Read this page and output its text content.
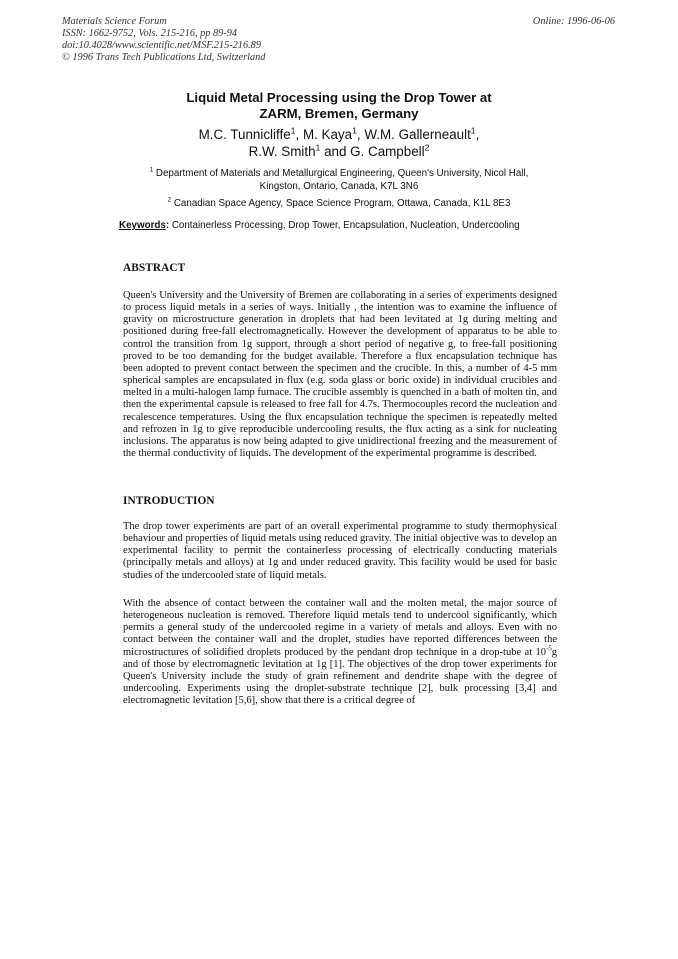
Materials Science Forum
ISSN: 1662-9752, Vols. 215-216, pp 89-94
doi:10.4028/www.scientific.net/MSF.215-216.89
© 1996 Trans Tech Publications Ltd, Switzerland
Online: 1996-06-06
Liquid Metal Processing using the Drop Tower at
ZARM, Bremen, Germany
M.C. Tunnicliffe$^1$, M. Kaya$^1$, W.M. Gallerneault$^1$,
R.W. Smith$^1$ and G. Campbell$^2$
$^1$ Department of Materials and Metallurgical Engineering, Queen's University, Nicol Hall,
Kingston, Ontario, Canada, K7L 3N6
$^2$ Canadian Space Agency, Space Science Program, Ottawa, Canada, K1L 8E3
Keywords: Containerless Processing, Drop Tower, Encapsulation, Nucleation, Undercooling
ABSTRACT
Queen's University and the University of Bremen are collaborating in a series of experiments designed to process liquid metals in a series of ways. Initially , the intention was to examine the influence of gravity on microstructure generation in droplets that had been levitated at 1g during melting and positioned during free-fall electromagnetically. However the development of apparatus to be able to control the transition from 1g support, through a short period of negative g, to free-fall positioning proved to be too demanding for the budget available. Therefore a flux encapsulation technique has been adopted to prevent contact between the specimen and the crucible. In this, a number of 4-5 mm spherical samples are encapsulated in flux (e.g. soda glass or boric oxide) in individual crucibles and melted in a multi-halogen lamp furnace. The crucible assembly is quenched in a bath of molten tin, and then the experimental capsule is released to free fall for 4.7s. Thermocouples record the nucleation and recalescence temperatures. Using the flux encapsulation technique the specimen is repeatedly melted and refrozen in 1g to give reproducible undercooling results, the flux acting as a sink for nucleating inclusions. The apparatus is now being adapted to give unidirectional freezing and the measurement of the thermal conductivity of liquids. The development of the experimental programme is described.
INTRODUCTION
The drop tower experiments are part of an overall experimental programme to study thermophysical behaviour and properties of liquid metals using reduced gravity. The initial objective was to develop an experimental facility to permit the containerless processing of electrically conducting materials (principally metals and alloys) at 1g and under reduced gravity. This facility would be used for basic studies of the undercooled state of liquid metals.
With the absence of contact between the container wall and the molten metal, the major source of heterogeneous nucleation is removed. Therefore liquid metals tend to undercool significantly, which permits a general study of the undercooled regime in a variety of metals and alloys. Even with no contact between the container wall and the droplet, studies have reported differences between the microstructures of solidified droplets produced by the pendant drop technique in a drop-tube at $10^{-5}g$ and of those by electromagnetic levitation at 1g [1]. The objectives of the drop tower experiments for Queen's University include the study of grain refinement and dendrite shape with the degree of undercooling. Experiments using the droplet-substrate technique [2], bulk processing [3,4] and electromagnetic levitation [5,6], show that there is a critical degree of
